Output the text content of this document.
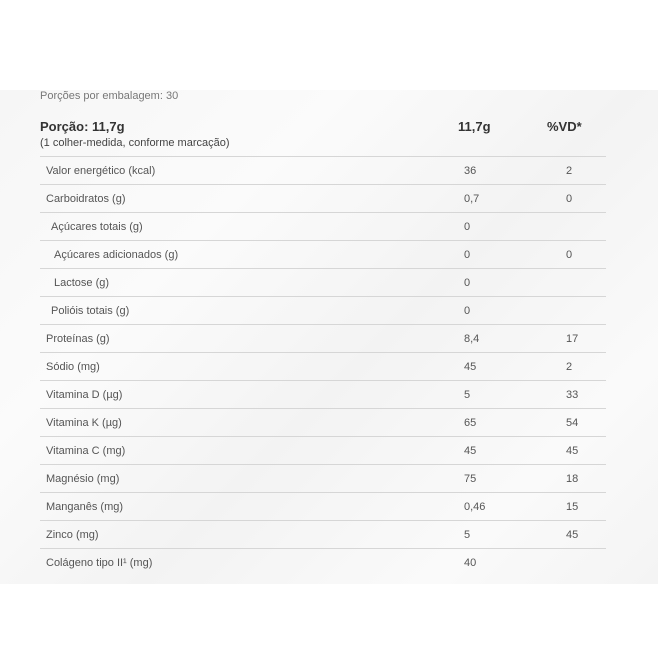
Porções por embalagem: 30
Porção: 11,7g
(1 colher-medida, conforme marcação)
11,7g	%VD*
Valor energético (kcal)	36	2
Carboidratos (g)	0,7	0
Açúcares totais (g)	0
Açúcares adicionados (g)	0	0
Lactose (g)	0
Polióis totais (g)	0
Proteínas (g)	8,4	17
Sódio (mg)	45	2
Vitamina D (µg)	5	33
Vitamina K (µg)	65	54
Vitamina C (mg)	45	45
Magnésio (mg)	75	18
Manganês (mg)	0,46	15
Zinco (mg)	5	45
Colágeno tipo II¹ (mg)	40
